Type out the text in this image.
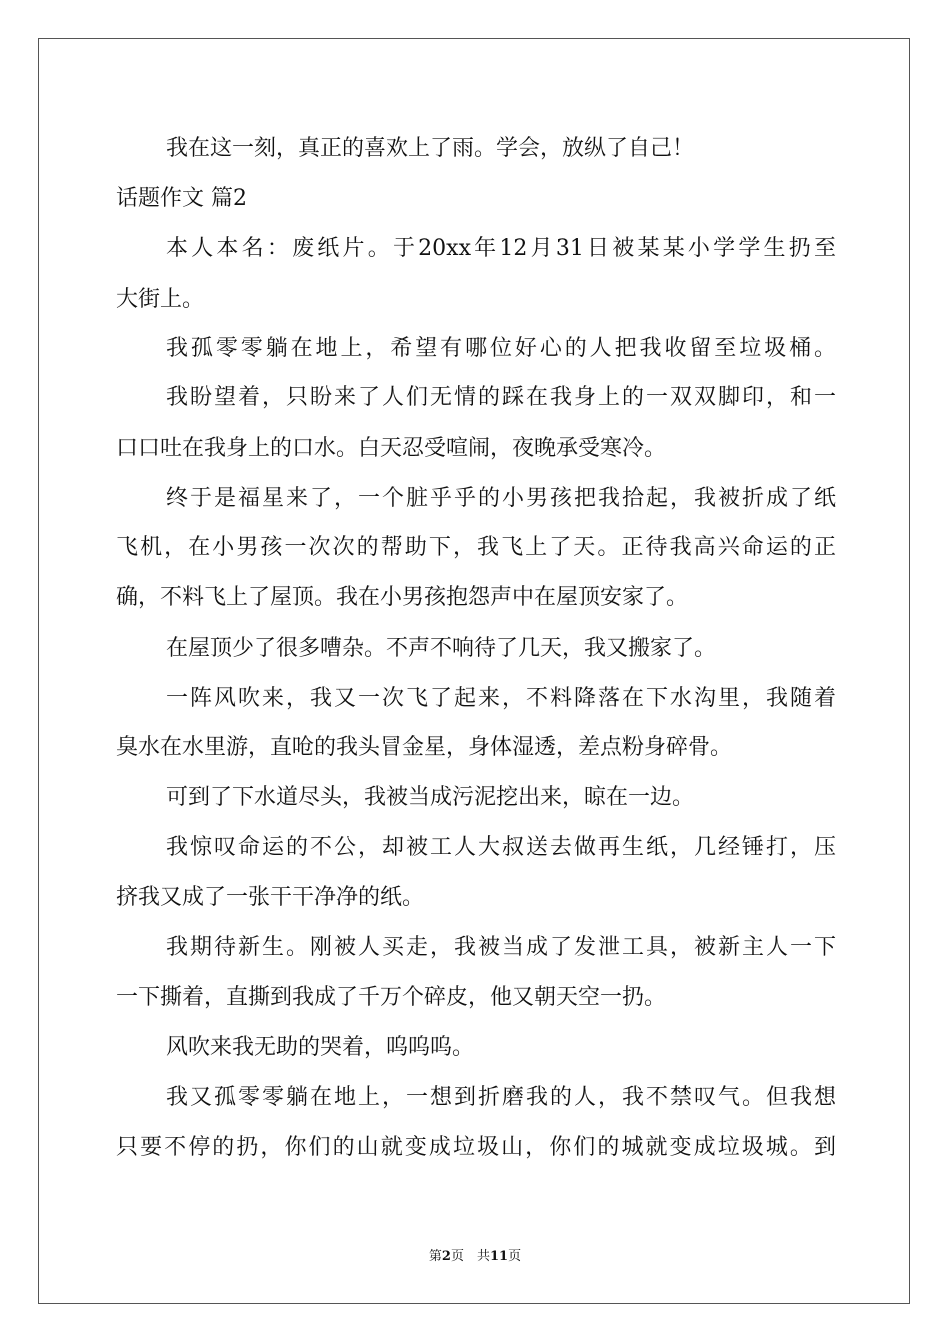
我在这一刻，真正的喜欢上了雨。学会，放纵了自己！
话题作文 篇2
本人本名：废纸片。于20xx年12月31日被某某小学学生扔至
大街上。
我孤零零躺在地上，希望有哪位好心的人把我收留至垃圾桶。
我盼望着，只盼来了人们无情的踩在我身上的一双双脚印，和一
口口吐在我身上的口水。白天忍受喧闹，夜晚承受寒冷。
终于是福星来了，一个脏乎乎的小男孩把我拾起，我被折成了纸
飞机，在小男孩一次次的帮助下，我飞上了天。正待我高兴命运的正
确，不料飞上了屋顶。我在小男孩抱怨声中在屋顶安家了。
在屋顶少了很多嘈杂。不声不响待了几天，我又搬家了。
一阵风吹来，我又一次飞了起来，不料降落在下水沟里，我随着
臭水在水里游，直呛的我头冒金星，身体湿透，差点粉身碎骨。
可到了下水道尽头，我被当成污泥挖出来，晾在一边。
我惊叹命运的不公，却被工人大叔送去做再生纸，几经锤打，压
挤我又成了一张干干净净的纸。
我期待新生。刚被人买走，我被当成了发泄工具，被新主人一下
一下撕着，直撕到我成了千万个碎皮，他又朝天空一扔。
风吹来我无助的哭着，呜呜呜。
我又孤零零躺在地上，一想到折磨我的人，我不禁叹气。但我想
只要不停的扔，你们的山就变成垃圾山，你们的城就变成垃圾城。到
第2页　共11页
